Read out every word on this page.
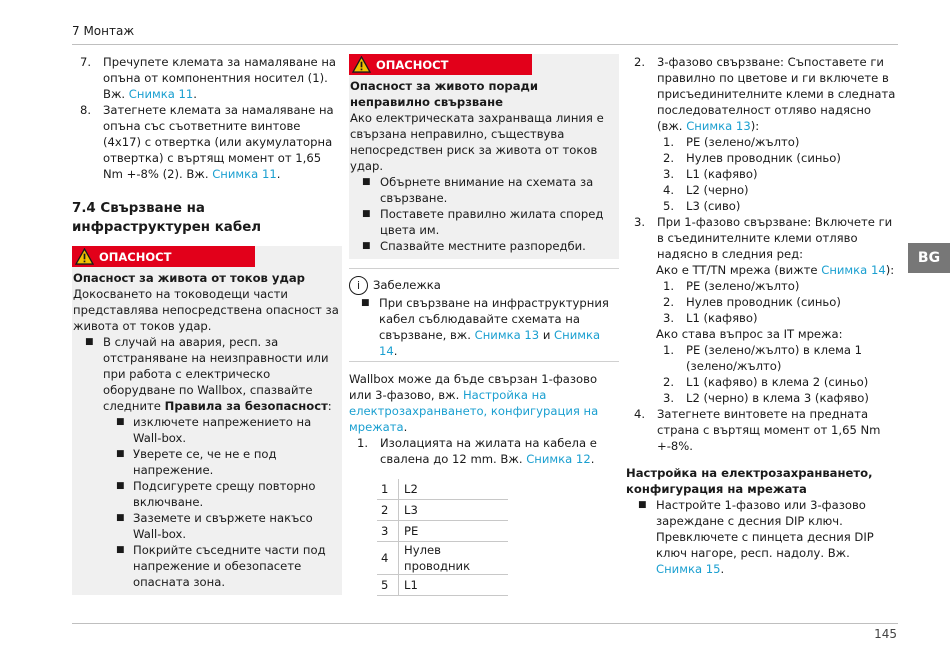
7 Монтаж
7. Пречупете клемата за намаляване на опъна от компонентния носител (1). Вж. Снимка 11.
8. Затегнете клемата за намаляване на опъна със съответните винтове (4x17) с отвертка (или акумулаторна отвертка) с въртящ момент от 1,65 Nm +-8% (2). Вж. Снимка 11.
7.4 Свързване на инфраструктурен кабел
ОПАСНОСТ
Опасност за живота от токов удар
Докосването на тоководещи части представлява непосредствена опасност за живота от токов удар.
■ В случай на авария, респ. за отстраняване на неизправности или при работа с електрическо оборудване по Wallbox, спазвайте следните Правила за безопасност:
■ изключете напрежението на Wall-box.
■ Уверете се, че не е под напрежение.
■ Подсигурете срещу повторно включване.
■ Заземете и свържете накъсо Wall-box.
■ Покрийте съседните части под напрежение и обезопасете опасната зона.
ОПАСНОСТ
Опасност за живото поради неправилно свързване
Ако електрическата захранваща линия е свързана неправилно, съществува непосредствен риск за живота от токов удар.
■ Обърнете внимание на схемата за свързване.
■ Поставете правилно жилата според цвета им.
■ Спазвайте местните разпоредби.
i Забележка
■ При свързване на инфраструктурния кабел съблюдавайте схемата на свързване, вж. Снимка 13 и Снимка 14.
Wallbox може да бъде свързан 1-фазово или 3-фазово, вж. Настройка на електрозахранването, конфигурация на мрежата.
1. Изолацията на жилата на кабела е свалена до 12 mm. Вж. Снимка 12.
1	L2
2	L3
3	PE
4	Нулев проводник
5	L1
2. 3-фазово свързване: Съпоставете ги правилно по цветове и ги включете в присъединителните клеми в следната последователност отляво надясно (вж. Снимка 13):
1. PE (зелено/жълто)
2. Нулев проводник (синьо)
3. L1 (кафяво)
4. L2 (черно)
5. L3 (сиво)
3. При 1-фазово свързване: Включете ги в съединителните клеми отляво надясно в следния ред:
Ако е TT/TN мрежа (вижте Снимка 14):
1. PE (зелено/жълто)
2. Нулев проводник (синьо)
3. L1 (кафяво)
Ако става въпрос за IT мрежа:
1. PE (зелено/жълто) в клема 1 (зелено/жълто)
2. L1 (кафяво) в клема 2 (синьо)
3. L2 (черно) в клема 3 (кафяво)
4. Затегнете винтовете на предната страна с въртящ момент от 1,65 Nm +-8%.
Настройка на електрозахранването, конфигурация на мрежата
■ Настройте 1-фазово или 3-фазово зареждане с десния DIP ключ. Превключете с пинцета десния DIP ключ нагоре, респ. надолу. Вж. Снимка 15.
BG
145
